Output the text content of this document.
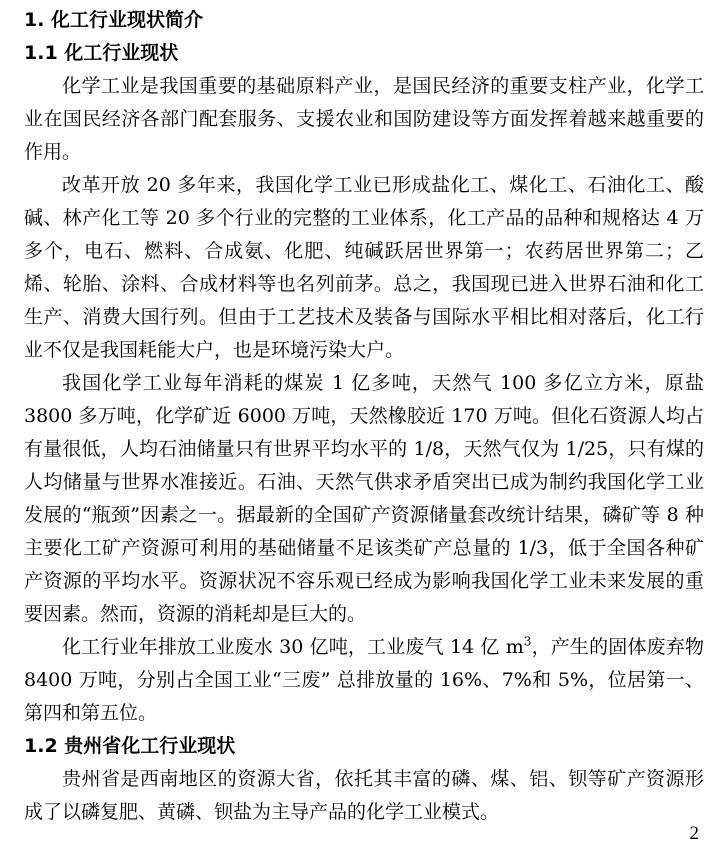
1. 化工行业现状简介
1.1 化工行业现状

化学工业是我国重要的基础原料产业，是国民经济的重要支柱产业，化学工业在国民经济各部门配套服务、支援农业和国防建设等方面发挥着越来越重要的作用。

改革开放 20 多年来，我国化学工业已形成盐化工、煤化工、石油化工、酸碱、林产化工等 20 多个行业的完整的工业体系，化工产品的品种和规格达 4 万多个，电石、燃料、合成氨、化肥、纯碱跃居世界第一；农药居世界第二；乙烯、轮胎、涂料、合成材料等也名列前茅。总之，我国现已进入世界石油和化工生产、消费大国行列。但由于工艺技术及装备与国际水平相比相对落后，化工行业不仅是我国耗能大户，也是环境污染大户。

我国化学工业每年消耗的煤炭 1 亿多吨，天然气 100 多亿立方米，原盐 3800 多万吨，化学矿近 6000 万吨，天然橡胶近 170 万吨。但化石资源人均占有量很低，人均石油储量只有世界平均水平的 1/8，天然气仅为 1/25，只有煤的人均储量与世界水准接近。石油、天然气供求矛盾突出已成为制约我国化学工业发展的“瓶颈”因素之一。据最新的全国矿产资源储量套改统计结果，磷矿等 8 种主要化工矿产资源可利用的基础储量不足该类矿产总量的 1/3，低于全国各种矿产资源的平均水平。资源状况不容乐观已经成为影响我国化学工业未来发展的重要因素。然而，资源的消耗却是巨大的。

化工行业年排放工业废水 30 亿吨，工业废气 14 亿 $m^3$，产生的固体废弃物 8400 万吨，分别占全国工业“三废” 总排放量的 16%、7%和 5%，位居第一、第四和第五位。

1.2 贵州省化工行业现状

贵州省是西南地区的资源大省，依托其丰富的磷、煤、铝、钡等矿产资源形成了以磷复肥、黄磷、钡盐为主导产品的化学工业模式。

2
